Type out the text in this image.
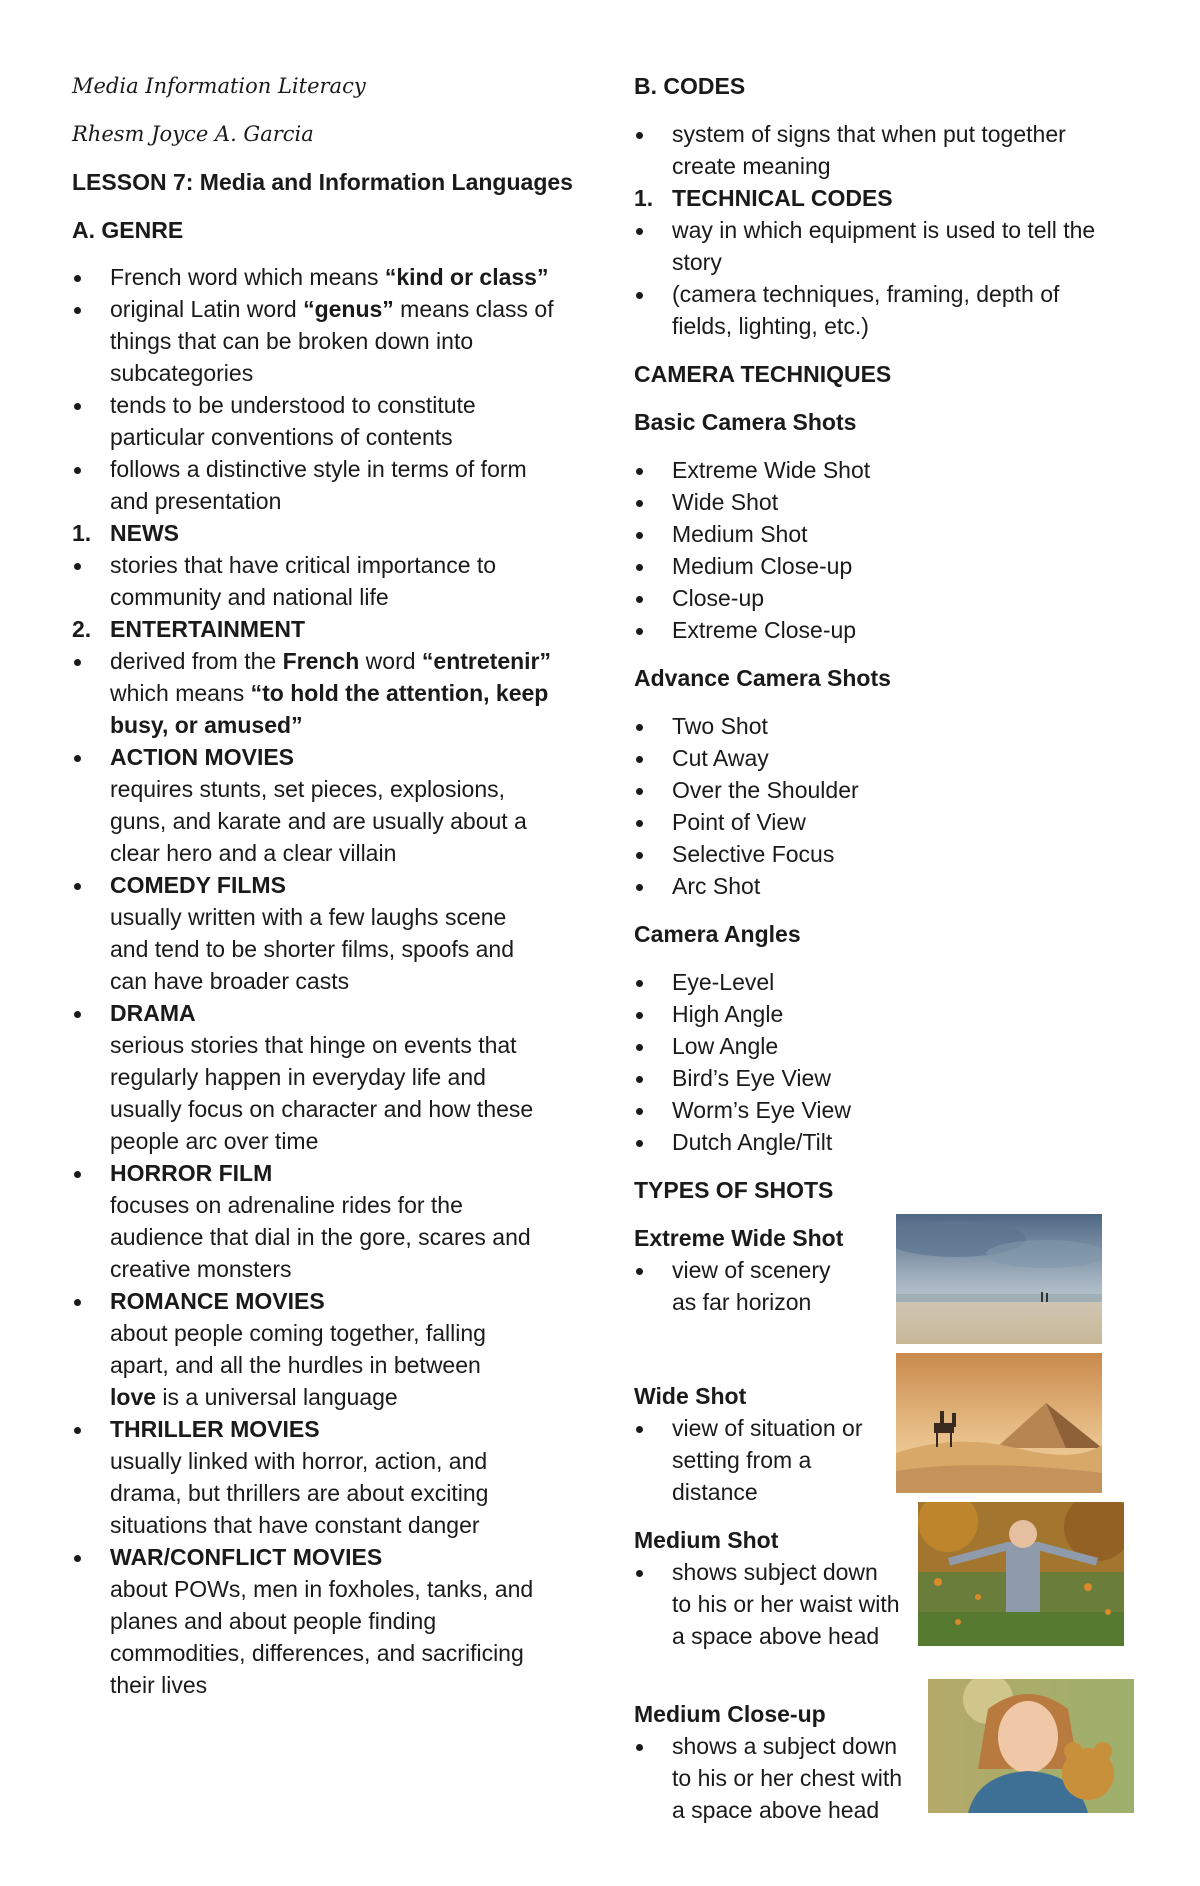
Media Information Literacy
Rhesm Joyce A. Garcia
LESSON 7: Media and Information Languages
A. GENRE
French word which means “kind or class”
original Latin word “genus” means class of
things that can be broken down into
subcategories
tends to be understood to constitute
particular conventions of contents
follows a distinctive style in terms of form
and presentation
1. NEWS
stories that have critical importance to
community and national life
2. ENTERTAINMENT
derived from the French word “entretenir”
which means “to hold the attention, keep
busy, or amused”
ACTION MOVIES
requires stunts, set pieces, explosions,
guns, and karate and are usually about a
clear hero and a clear villain
COMEDY FILMS
usually written with a few laughs scene
and tend to be shorter films, spoofs and
can have broader casts
DRAMA
serious stories that hinge on events that
regularly happen in everyday life and
usually focus on character and how these
people arc over time
HORROR FILM
focuses on adrenaline rides for the
audience that dial in the gore, scares and
creative monsters
ROMANCE MOVIES
about people coming together, falling
apart, and all the hurdles in between
love is a universal language
THRILLER MOVIES
usually linked with horror, action, and
drama, but thrillers are about exciting
situations that have constant danger
WAR/CONFLICT MOVIES
about POWs, men in foxholes, tanks, and
planes and about people finding
commodities, differences, and sacrificing
their lives
B. CODES
system of signs that when put together
create meaning
1. TECHNICAL CODES
way in which equipment is used to tell the
story
(camera techniques, framing, depth of
fields, lighting, etc.)
CAMERA TECHNIQUES
Basic Camera Shots
Extreme Wide Shot
Wide Shot
Medium Shot
Medium Close-up
Close-up
Extreme Close-up
Advance Camera Shots
Two Shot
Cut Away
Over the Shoulder
Point of View
Selective Focus
Arc Shot
Camera Angles
Eye-Level
High Angle
Low Angle
Bird’s Eye View
Worm’s Eye View
Dutch Angle/Tilt
TYPES OF SHOTS
Extreme Wide Shot
view of scenery
as far horizon
Wide Shot
view of situation or
setting from a
distance
Medium Shot
shows subject down
to his or her waist with
a space above head
Medium Close-up
shows a subject down
to his or her chest with
a space above head
